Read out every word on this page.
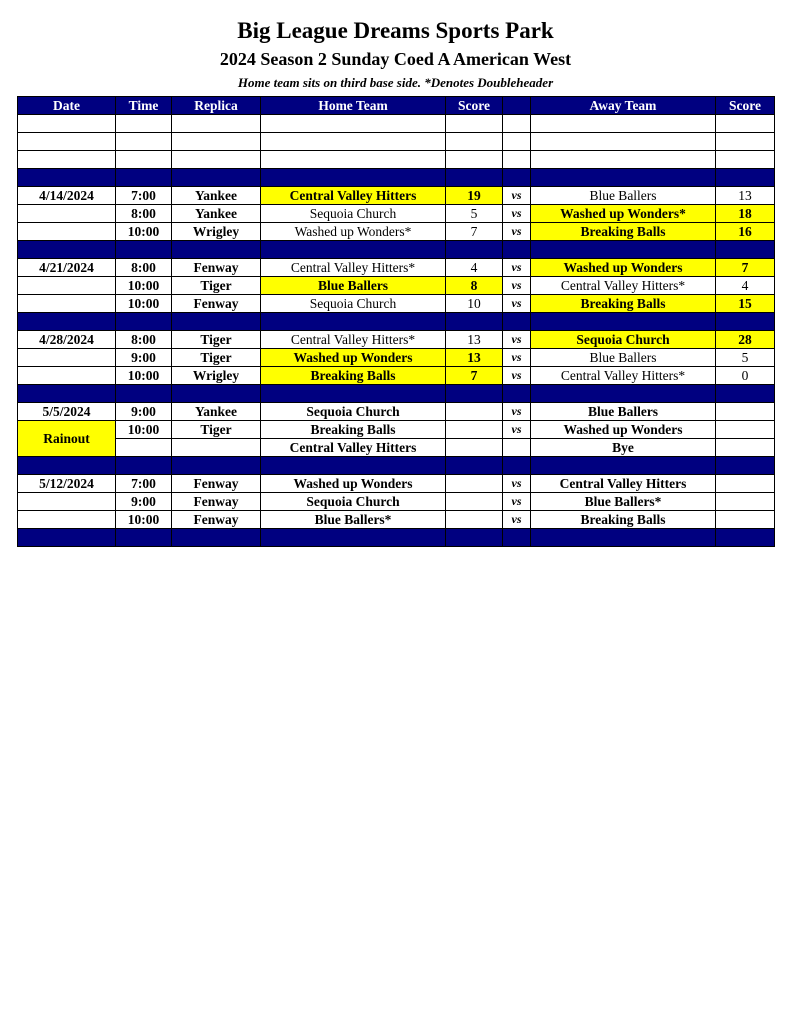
Big League Dreams Sports Park
2024 Season 2 Sunday Coed A American West
Home team sits on third base side. *Denotes Doubleheader
Date	Time	Replica	Home Team	Score		Away Team	Score

4/14/2024	7:00	Yankee	Central Valley Hitters	19	vs	Blue Ballers	13
	8:00	Yankee	Sequoia Church	5	vs	Washed up Wonders*	18
	10:00	Wrigley	Washed up Wonders*	7	vs	Breaking Balls	16

4/21/2024	8:00	Fenway	Central Valley Hitters*	4	vs	Washed up Wonders	7
	10:00	Tiger	Blue Ballers	8	vs	Central Valley Hitters*	4
	10:00	Fenway	Sequoia Church	10	vs	Breaking Balls	15

4/28/2024	8:00	Tiger	Central Valley Hitters*	13	vs	Sequoia Church	28
	9:00	Tiger	Washed up Wonders	13	vs	Blue Ballers	5
	10:00	Wrigley	Breaking Balls	7	vs	Central Valley Hitters*	0

5/5/2024	9:00	Yankee	Sequoia Church		vs	Blue Ballers	
Rainout	10:00	Tiger	Breaking Balls		vs	Washed up Wonders	
			Central Valley Hitters			Bye	

5/12/2024	7:00	Fenway	Washed up Wonders		vs	Central Valley Hitters	
	9:00	Fenway	Sequoia Church		vs	Blue Ballers*	
	10:00	Fenway	Blue Ballers*		vs	Breaking Balls	
